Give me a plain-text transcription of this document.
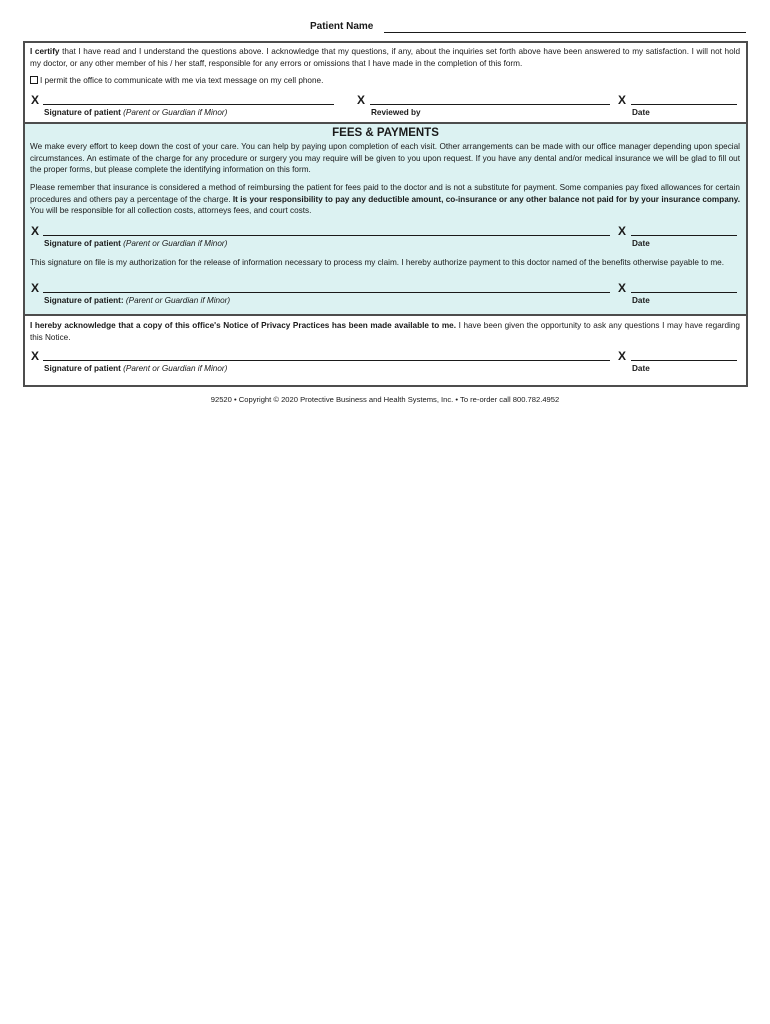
Patient Name

I certify that I have read and I understand the questions above. I acknowledge that my questions, if any, about the inquiries set forth above have been answered to my satisfaction. I will not hold my doctor, or any other member of his / her staff, responsible for any errors or omissions that I have made in the completion of this form.

I permit the office to communicate with me via text message on my cell phone.
X	X	X
Signature of patient (Parent or Guardian if Minor)	Reviewed by	Date
FEES & PAYMENTS

We make every effort to keep down the cost of your care. You can help by paying upon completion of each visit. Other arrangements can be made with our office manager depending upon special circumstances. An estimate of the charge for any procedure or surgery you may require will be given to you upon request. If you have any dental and/or medical insurance we will be glad to fill out the proper forms, but please complete the identifying information on this form.

Please remember that insurance is considered a method of reimbursing the patient for fees paid to the doctor and is not a substitute for payment. Some companies pay fixed allowances for certain procedures and others pay a percentage of the charge. It is your responsibility to pay any deductible amount, co-insurance or any other balance not paid for by your insurance company. You will be responsible for all collection costs, attorneys fees, and court costs.

X	X
Signature of patient (Parent or Guardian if Minor)	Date

This signature on file is my authorization for the release of information necessary to process my claim. I hereby authorize payment to this doctor named of the benefits otherwise payable to me.

X	X
Signature of patient: (Parent or Guardian if Minor)	Date

I hereby acknowledge that a copy of this office's Notice of Privacy Practices has been made available to me. I have been given the opportunity to ask any questions I may have regarding this Notice.

X	X
Signature of patient (Parent or Guardian if Minor)	Date
92520 • Copyright © 2020 Protective Business and Health Systems, Inc. • To re-order call 800.782.4952
